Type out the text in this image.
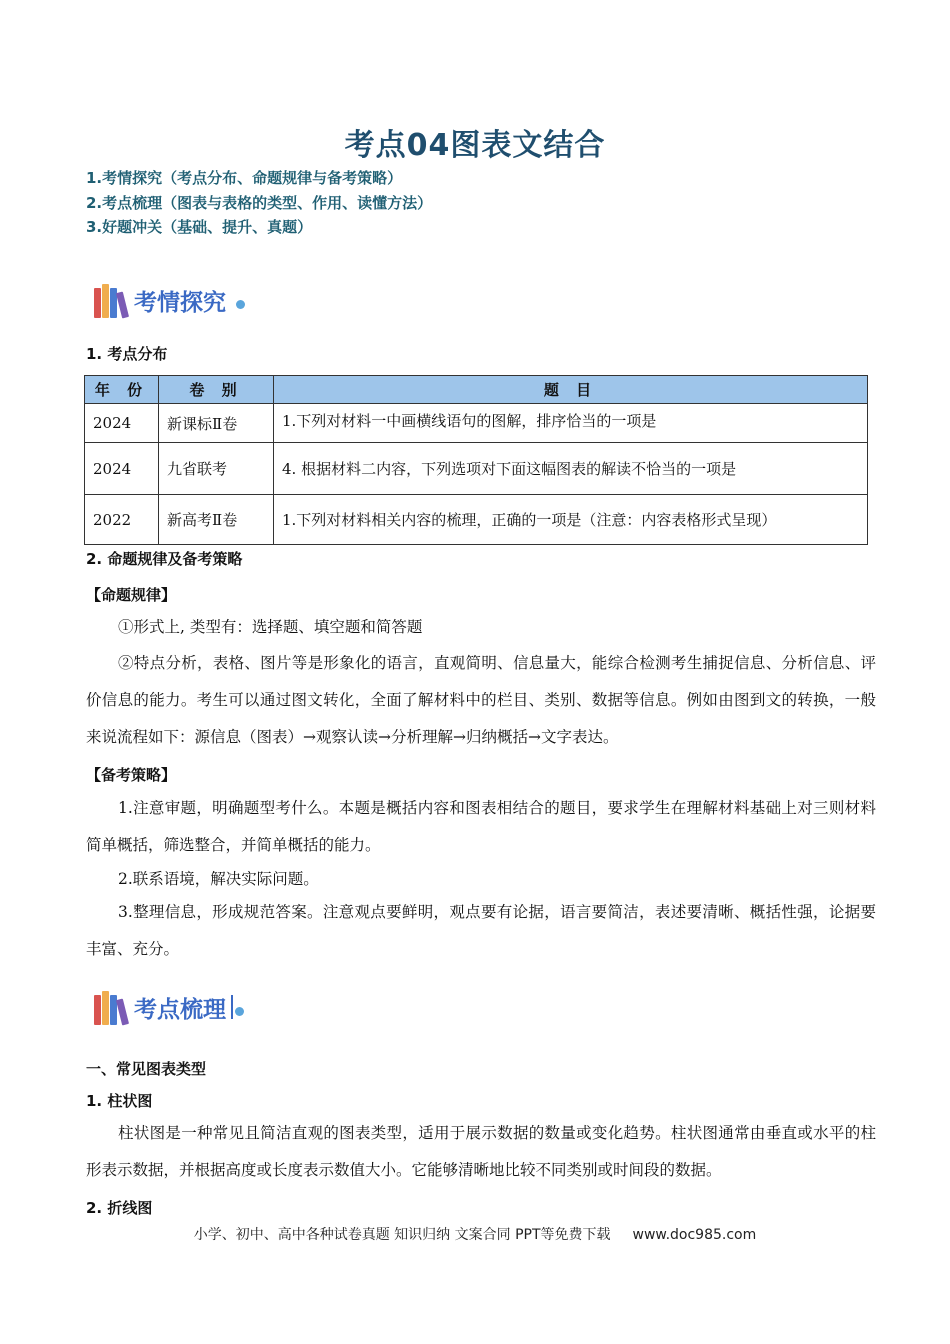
考点04图表文结合
1.考情探究（考点分布、命题规律与备考策略）
2.考点梳理（图表与表格的类型、作用、读懂方法）
3.好题冲关（基础、提升、真题）
考情探究
1. 考点分布
年 份	卷 别	题 目
2024	新课标Ⅱ卷	1.下列对材料一中画横线语句的图解，排序恰当的一项是
2024	九省联考	4. 根据材料二内容，下列选项对下面这幅图表的解读不恰当的一项是
2022	新高考Ⅱ卷	1.下列对材料相关内容的梳理，正确的一项是（注意：内容表格形式呈现）
2. 命题规律及备考策略
【命题规律】
①形式上, 类型有：选择题、填空题和简答题
②特点分析，表格、图片等是形象化的语言，直观简明、信息量大，能综合检测考生捕捉信息、分析信息、评价信息的能力。考生可以通过图文转化，全面了解材料中的栏目、类别、数据等信息。例如由图到文的转换，一般来说流程如下：源信息（图表）→观察认读→分析理解→归纳概括→文字表达。
【备考策略】
1.注意审题，明确题型考什么。本题是概括内容和图表相结合的题目，要求学生在理解材料基础上对三则材料简单概括，筛选整合，并简单概括的能力。
2.联系语境，解决实际问题。
3.整理信息，形成规范答案。注意观点要鲜明，观点要有论据，语言要简洁，表述要清晰、概括性强，论据要丰富、充分。
考点梳理
一、常见图表类型
1. 柱状图
柱状图是一种常见且简洁直观的图表类型，适用于展示数据的数量或变化趋势。柱状图通常由垂直或水平的柱形表示数据，并根据高度或长度表示数值大小。它能够清晰地比较不同类别或时间段的数据。
2. 折线图
小学、初中、高中各种试卷真题 知识归纳 文案合同 PPT等免费下载 www.doc985.com
